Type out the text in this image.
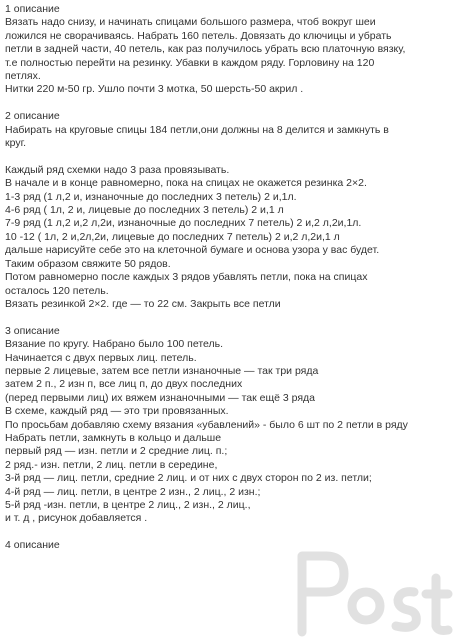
1 описание
Вязать надо снизу, и начинать спицами большого размера, чтоб вокруг шеи
ложился не сворачиваясь. Набрать 160 петель. Довязать до ключицы и убрать
петли в задней части, 40 петель, как раз получилось убрать всю платочную вязку,
т.е полностью перейти на резинку. Убавки в каждом ряду. Горловину на 120
петлях.
Нитки 220 м-50 гр. Ушло почти 3 мотка, 50 шерсть-50 акрил .
2 описание
Набирать на круговые спицы 184 петли,они должны на 8 делится и замкнуть в
круг.
Каждый ряд схемки надо 3 раза провязывать.
В начале и в конце равномерно, пока на спицах не окажется резинка 2×2.
1-3 ряд (1 л,2 и, изнаночные до последних 3 петель) 2 и,1л.
4-6 ряд ( 1л, 2 и, лицевые до последних 3 петель) 2 и,1 л
7-9 ряд (1 л,2 и,2 л,2и, изнаночные до последних 7 петель) 2 и,2 л,2и,1л.
10 -12 ( 1л, 2 и,2л,2и, лицевые до последних 7 петель) 2 и,2 л,2и,1 л
дальше нарисуйте себе это на клеточной бумаге и основа узора у вас будет.
Таким образом свяжите 50 рядов.
Потом равномерно после каждых 3 рядов убавлять петли, пока на спицах
осталось 120 петель.
Вязать резинкой 2×2. где — то 22 см. Закрыть все петли
3 описание
Вязание по кругу. Набрано было 100 петель.
Начинается с двух первых лиц. петель.
первые 2 лицевые, затем все петли изнаночные — так три ряда
затем 2 п., 2 изн п, все лиц п, до двух последних
(перед первыми лиц) их вяжем изнаночными — так ещё 3 ряда
В схеме, каждый ряд — это три провязанных.
По просьбам добавляю схему вязания «убавлений» - было 6 шт по 2 петли в ряду
Набрать петли, замкнуть в кольцо и дальше
первый ряд — изн. петли и 2 средние лиц. п.;
2 ряд.- изн. петли, 2 лиц. петли в середине,
3-й ряд — лиц. петли, средние 2 лиц. и от них с двух сторон по 2 из. петли;
4-й ряд — лиц. петли, в центре 2 изн., 2 лиц., 2 изн.;
5-й ряд -изн. петли, в центре 2 лиц., 2 изн., 2 лиц.,
и т. д , рисунок добавляется .
4 описание
